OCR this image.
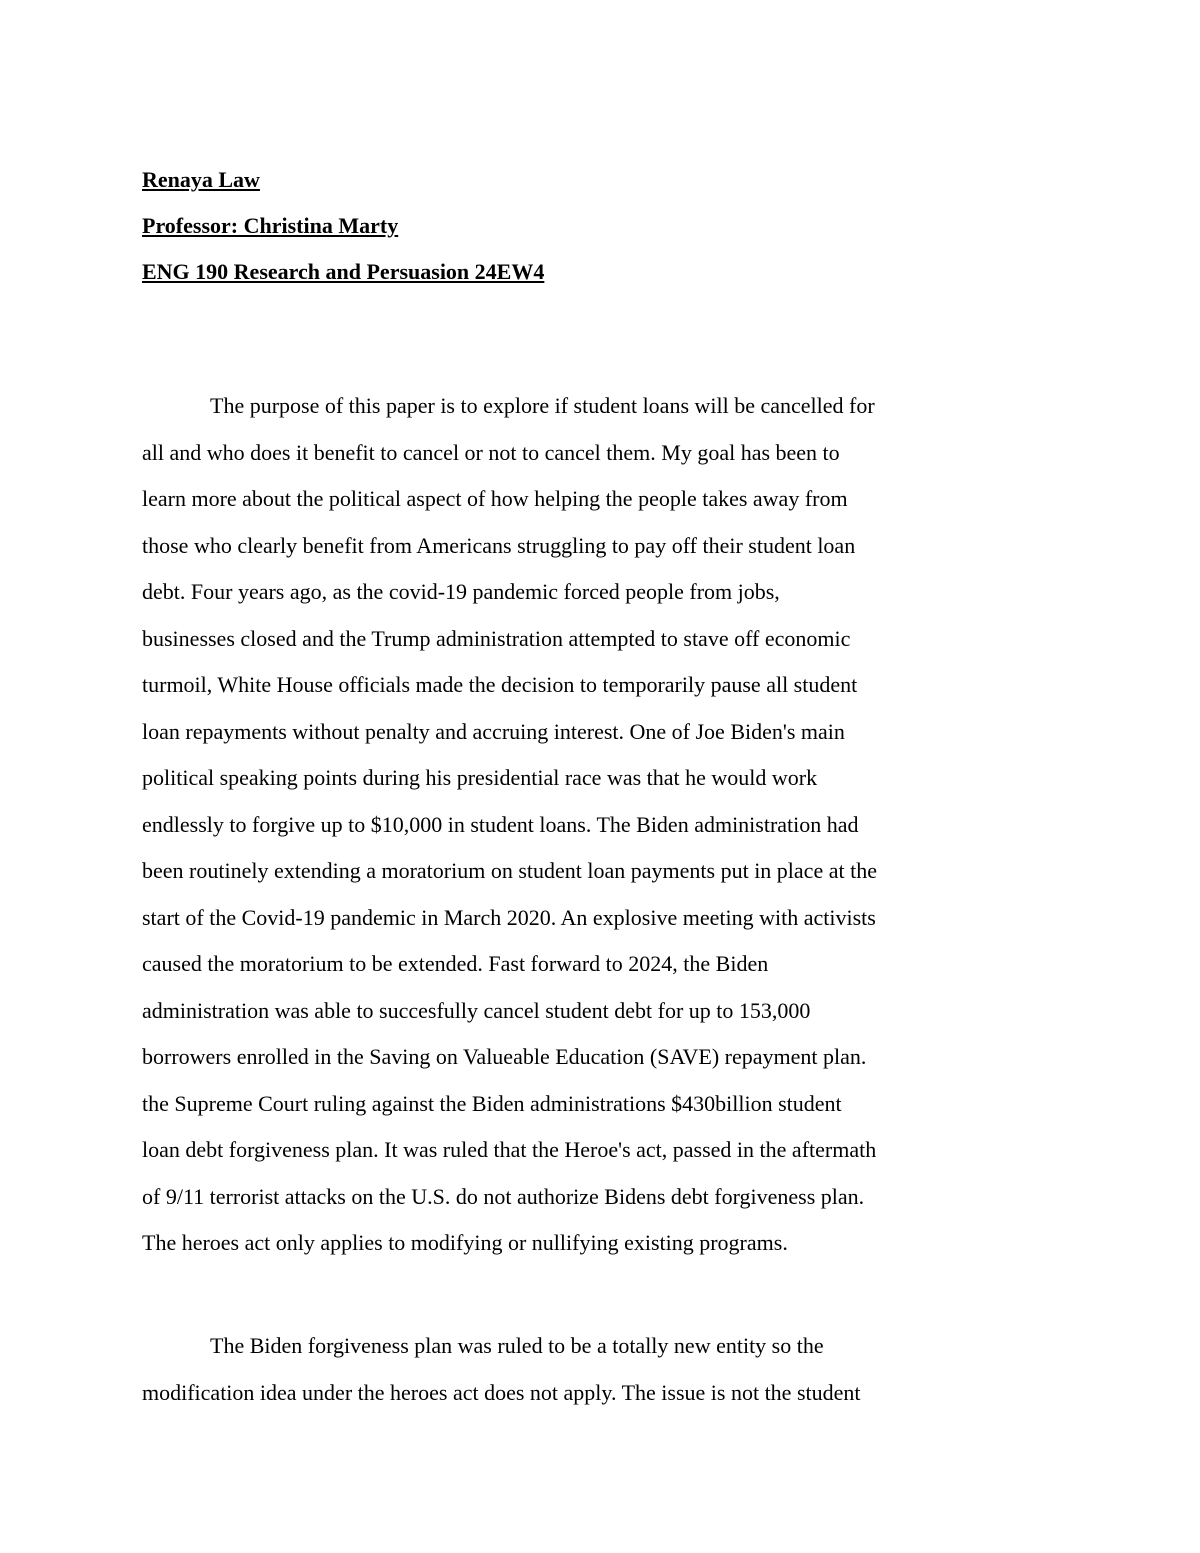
Renaya Law
Professor: Christina Marty
ENG 190 Research and Persuasion 24EW4
The purpose of this paper is to explore if student loans will be cancelled for
all and who does it benefit to cancel or not to cancel them. My goal has been to
learn more about the political aspect of how helping the people takes away from
those who clearly benefit from Americans struggling to pay off their student loan
debt. Four years ago, as the covid-19 pandemic forced people from jobs,
businesses closed and the Trump administration attempted to stave off economic
turmoil, White House officials made the decision to temporarily pause all student
loan repayments without penalty and accruing interest. One of Joe Biden's main
political speaking points during his presidential race was that he would work
endlessly to forgive up to $10,000 in student loans. The Biden administration had
been routinely extending a moratorium on student loan payments put in place at the
start of the Covid-19 pandemic in March 2020. An explosive meeting with activists
caused the moratorium to be extended. Fast forward to 2024, the Biden
administration was able to succesfully cancel student debt for up to 153,000
borrowers enrolled in the Saving on Valueable Education (SAVE) repayment plan.
the Supreme Court ruling against the Biden administrations $430billion student
loan debt forgiveness plan. It was ruled that the Heroe's act, passed in the aftermath
of 9/11 terrorist attacks on the U.S. do not authorize Bidens debt forgiveness plan.
The heroes act only applies to modifying or nullifying existing programs.
The Biden forgiveness plan was ruled to be a totally new entity so the
modification idea under the heroes act does not apply. The issue is not the student
